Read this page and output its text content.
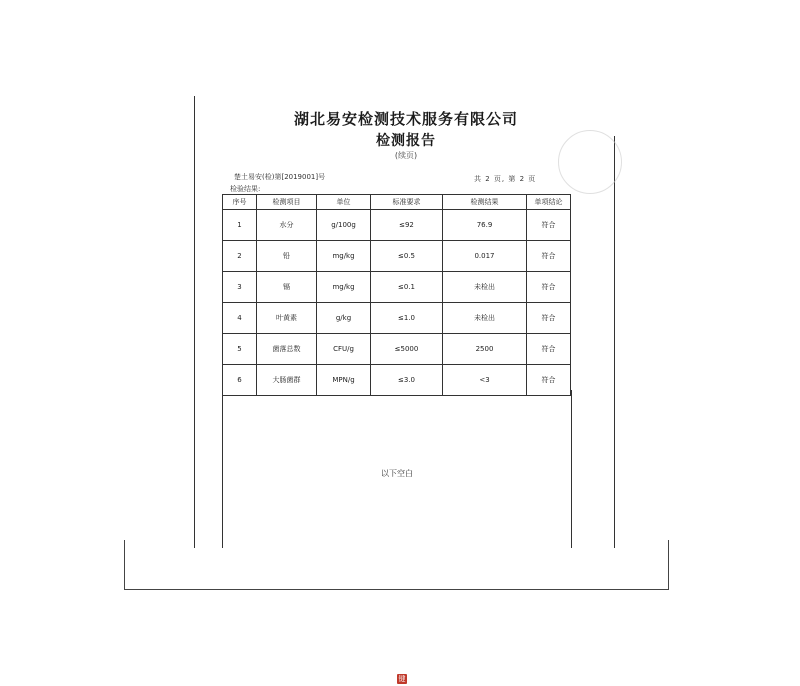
湖北易安检测技术服务有限公司
检测报告
(续页)
楚土易安(检)第[2019001]号	共 2 页, 第 2 页
检验结果:
序号	检测项目	单位	标准要求	检测结果	单项结论
1	水分	g/100g	≤92	76.9	符合
2	铅	mg/kg	≤0.5	0.017	符合
3	镉	mg/kg	≤0.1	未检出	符合
4	叶黄素	g/kg	≤1.0	未检出	符合
5	菌落总数	CFU/g	≤5000	2500	符合
6	大肠菌群	MPN/g	≤3.0	<3	符合
以下空白
键
